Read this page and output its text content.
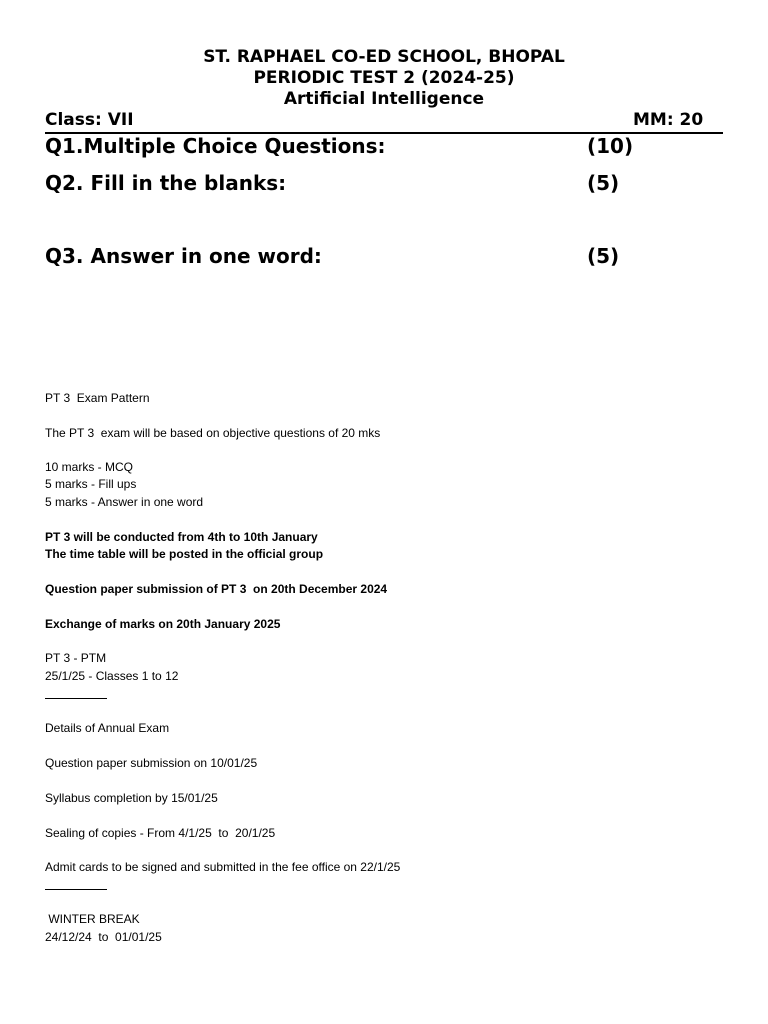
ST. RAPHAEL CO-ED SCHOOL, BHOPAL
PERIODIC TEST 2 (2024-25)
Artificial Intelligence
Class: VII	MM: 20
Q1.Multiple Choice Questions:	(10)
Q2. Fill in the blanks:	(5)
Q3. Answer in one word:	(5)
PT 3  Exam Pattern
The PT 3  exam will be based on objective questions of 20 mks
10 marks - MCQ
5 marks - Fill ups
5 marks - Answer in one word
PT 3 will be conducted from 4th to 10th January
The time table will be posted in the official group
Question paper submission of PT 3  on 20th December 2024
Exchange of marks on 20th January 2025
PT 3 - PTM
25/1/25 - Classes 1 to 12
Details of Annual Exam
Question paper submission on 10/01/25
Syllabus completion by 15/01/25
Sealing of copies - From 4/1/25  to  20/1/25
Admit cards to be signed and submitted in the fee office on 22/1/25
WINTER BREAK
24/12/24  to  01/01/25
